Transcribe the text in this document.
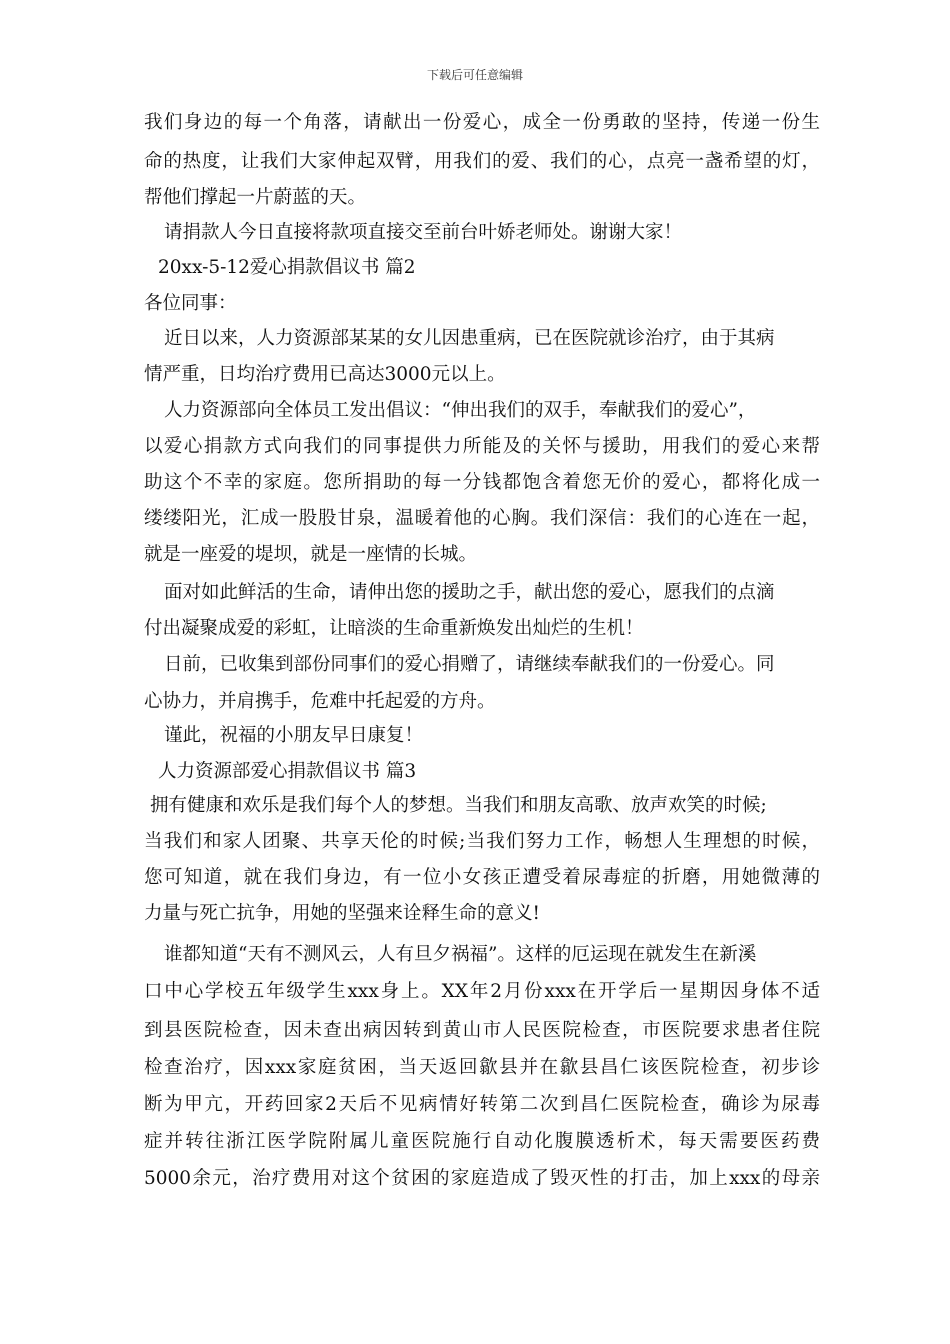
下载后可任意编辑
我们身边的每一个角落，请献出一份爱心，成全一份勇敢的坚持，传递一份生
命的热度，让我们大家伸起双臂，用我们的爱、我们的心，点亮一盏希望的灯，
帮他们撑起一片蔚蓝的天。
请捐款人今日直接将款项直接交至前台叶娇老师处。谢谢大家！
20xx-5-12爱心捐款倡议书 篇2
各位同事：
近日以来，人力资源部某某的女儿因患重病，已在医院就诊治疗，由于其病
情严重，日均治疗费用已高达3000元以上。
人力资源部向全体员工发出倡议：“伸出我们的双手，奉献我们的爱心”，
以爱心捐款方式向我们的同事提供力所能及的关怀与援助，用我们的爱心来帮
助这个不幸的家庭。您所捐助的每一分钱都饱含着您无价的爱心，都将化成一
缕缕阳光，汇成一股股甘泉，温暖着他的心胸。我们深信：我们的心连在一起，
就是一座爱的堤坝，就是一座情的长城。
面对如此鲜活的生命，请伸出您的援助之手，献出您的爱心，愿我们的点滴
付出凝聚成爱的彩虹，让暗淡的生命重新焕发出灿烂的生机！
日前，已收集到部份同事们的爱心捐赠了，请继续奉献我们的一份爱心。同
心协力，并肩携手，危难中托起爱的方舟。
谨此，祝福的小朋友早日康复！
人力资源部爱心捐款倡议书 篇3
拥有健康和欢乐是我们每个人的梦想。当我们和朋友高歌、放声欢笑的时候;
当我们和家人团聚、共享天伦的时候;当我们努力工作，畅想人生理想的时候，
您可知道，就在我们身边，有一位小女孩正遭受着尿毒症的折磨，用她微薄的
力量与死亡抗争，用她的坚强来诠释生命的意义!
谁都知道“天有不测风云，人有旦夕祸福”。这样的厄运现在就发生在新溪
口中心学校五年级学生xxx身上。XX年2月份xxx在开学后一星期因身体不适
到县医院检查，因未查出病因转到黄山市人民医院检查，市医院要求患者住院
检查治疗，因xxx家庭贫困，当天返回歙县并在歙县昌仁该医院检查，初步诊
断为甲亢，开药回家2天后不见病情好转第二次到昌仁医院检查，确诊为尿毒
症并转往浙江医学院附属儿童医院施行自动化腹膜透析术，每天需要医药费
5000余元，治疗费用对这个贫困的家庭造成了毁灭性的打击，加上xxx的母亲
